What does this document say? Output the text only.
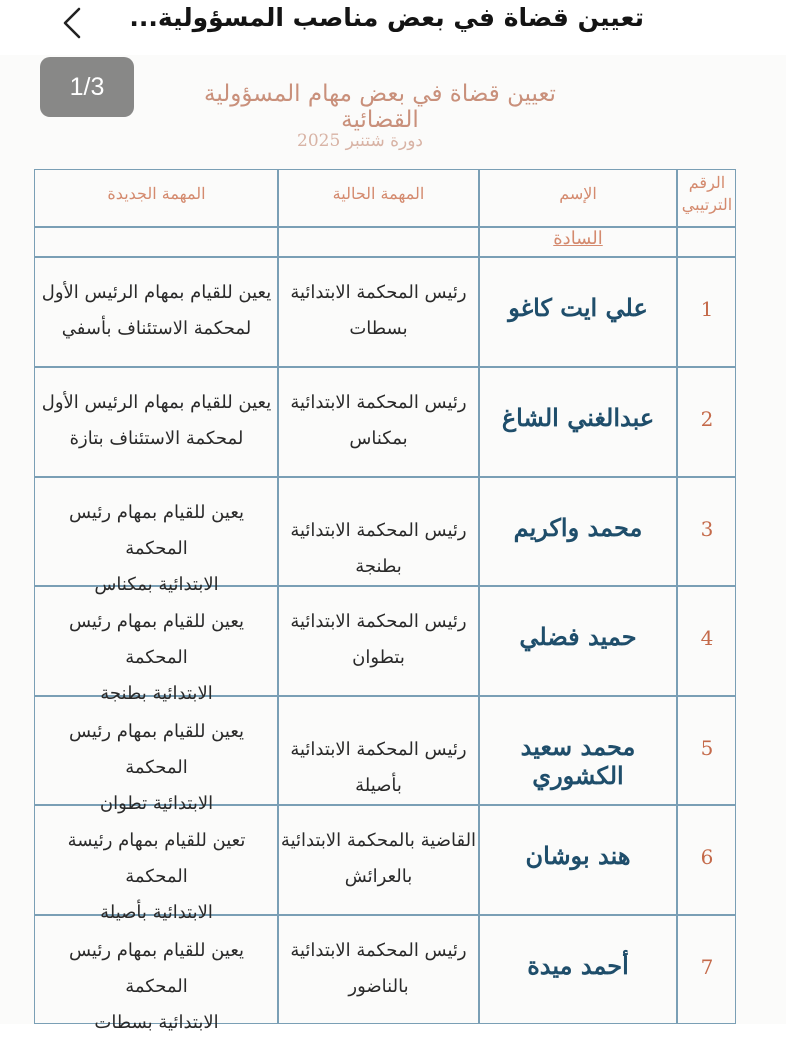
تعيين قضاة في بعض مناصب المسؤولية...
تعيين قضاة في بعض مهام المسؤولية القضائية
دورة شتنبر 2025
الرقم
الترتيبي
الإسم
المهمة الحالية
المهمة الجديدة
السادة
1
علي ايت كاغو
رئيس المحكمة الابتدائية
بسطات
يعين للقيام بمهام الرئيس الأول
لمحكمة الاستئناف بأسفي
2
عبدالغني الشاغ
رئيس المحكمة الابتدائية
بمكناس
يعين للقيام بمهام الرئيس الأول
لمحكمة الاستئناف بتازة
3
محمد واكريم
رئيس المحكمة الابتدائية بطنجة
يعين للقيام بمهام رئيس المحكمة
الابتدائية بمكناس
4
حميد فضلي
رئيس المحكمة الابتدائية
بتطوان
يعين للقيام بمهام رئيس المحكمة
الابتدائية بطنجة
5
محمد سعيد الكشوري
رئيس المحكمة الابتدائية بأصيلة
يعين للقيام بمهام رئيس المحكمة
الابتدائية تطوان
6
هند بوشان
القاضية بالمحكمة الابتدائية
بالعرائش
تعين للقيام بمهام رئيسة المحكمة
الابتدائية بأصيلة
7
أحمد ميدة
رئيس المحكمة الابتدائية
بالناضور
يعين للقيام بمهام رئيس المحكمة
الابتدائية بسطات
1/3
